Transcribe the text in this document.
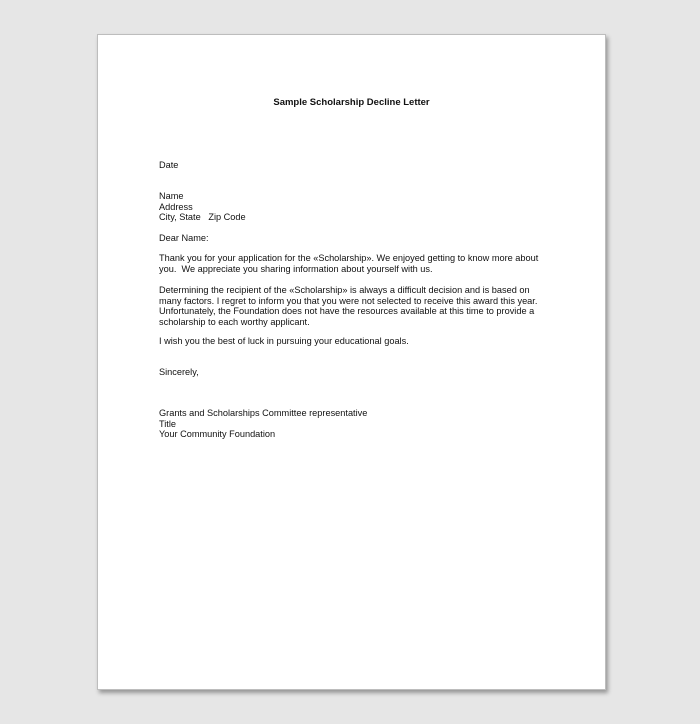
Sample Scholarship Decline Letter
Date
Name
Address
City, State   Zip Code
Dear Name:
Thank you for your application for the «Scholarship». We enjoyed getting to know more about
you.  We appreciate you sharing information about yourself with us.
Determining the recipient of the «Scholarship» is always a difficult decision and is based on
many factors. I regret to inform you that you were not selected to receive this award this year.
Unfortunately, the Foundation does not have the resources available at this time to provide a
scholarship to each worthy applicant.
I wish you the best of luck in pursuing your educational goals.
Sincerely,
Grants and Scholarships Committee representative
Title
Your Community Foundation
